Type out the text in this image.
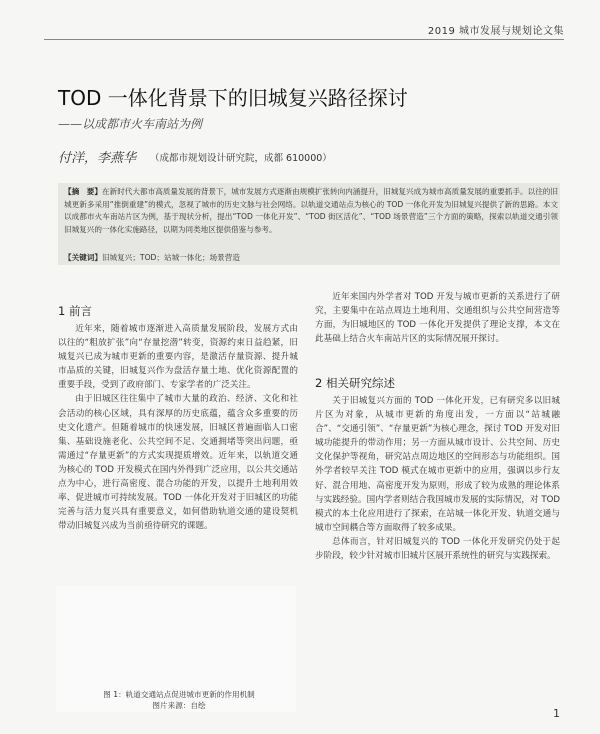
2019 城市发展与规划论文集
TOD 一体化背景下的旧城复兴路径探讨
——以成都市火车南站为例
付洋，李燕华 （成都市规划设计研究院，成都 610000）
【摘　要】在新时代大都市高质量发展的背景下，城市发展方式逐渐由规模扩张转向内涵提升，旧城复兴成为城市高质量发展的重要抓手。以往的旧城更新多采用“推倒重建”的模式，忽视了城市的历史文脉与社会网络。以轨道交通站点为核心的 TOD 一体化开发为旧城复兴提供了新的思路。本文以成都市火车南站片区为例，基于现状分析，提出“TOD 一体化开发”、“TOD 街区活化”、“TOD 场景营造”三个方面的策略，探索以轨道交通引领旧城复兴的一体化实施路径，以期为同类地区提供借鉴与参考。
【关键词】旧城复兴；TOD；站城一体化；场景营造
1 前言

近年来，随着城市逐渐进入高质量发展阶段，发展方式由以往的“粗放扩张”向“存量挖潜”转变，资源约束日益趋紧，旧城复兴已成为城市更新的重要内容，是激活存量资源、提升城市品质的关键，旧城复兴作为盘活存量土地、优化资源配置的重要手段，受到了政府部门、专家学者的广泛关注。

由于旧城区往往集中了城市大量的政治、经济、文化和社会活动的核心区域，具有深厚的历史底蕴，蕴含众多重要的历史文化遗产。但随着城市的快速发展，旧城区普遍面临人口密集、基础设施老化、公共空间不足、交通拥堵等突出问题，亟需通过“存量更新”的方式实现提质增效。近年来，以轨道交通为核心的 TOD 开发模式在国内外得到广泛应用，以公共交通站点为中心，进行高密度、混合功能的开发，以提升土地利用效率、促进城市可持续发展。TOD 一体化开发对于旧城区的功能完善与活力复兴具有重要意义，如何借助轨道交通的建设契机带动旧城复兴成为当前亟待研究的课题。

图 1：轨道交通站点促进城市更新的作用机制
图片来源：自绘

近年来国内外学者对 TOD 开发与城市更新的关系进行了研究，主要集中在站点周边土地利用、交通组织与公共空间营造等方面，为旧城地区的 TOD 一体化开发提供了理论支撑，本文在此基础上结合火车南站片区的实际情况展开探讨。

2 相关研究综述

关于旧城复兴方面的 TOD 一体化开发，已有研究多以旧城片区为对象，从城市更新的角度出发，一方面以“站城融合”、“交通引领”、“存量更新”为核心理念，探讨 TOD 开发对旧城功能提升的带动作用；另一方面从城市设计、公共空间、历史文化保护等视角，研究站点周边地区的空间形态与功能组织。国外学者较早关注 TOD 模式在城市更新中的应用，强调以步行友好、混合用地、高密度开发为原则，形成了较为成熟的理论体系与实践经验。国内学者则结合我国城市发展的实际情况，对 TOD 模式的本土化应用进行了探索，在站城一体化开发、轨道交通与城市空间耦合等方面取得了较多成果。

总体而言，针对旧城复兴的 TOD 一体化开发研究仍处于起步阶段，较少针对城市旧城片区展开系统性的研究与实践探索。

1
